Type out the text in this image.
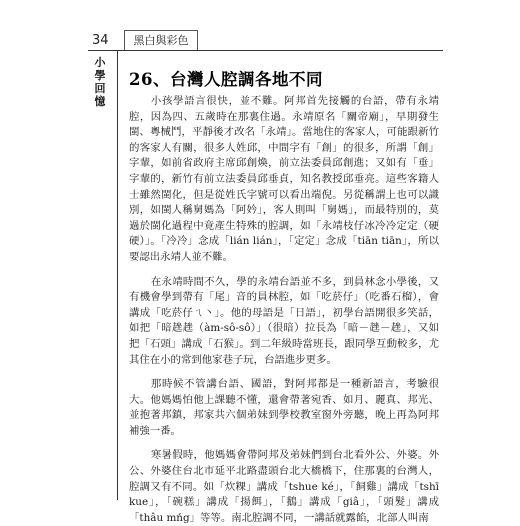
34	黑白與彩色
小學回憶
26、台灣人腔調各地不同

小孩學語言很快，並不難。阿邦首先接觸的台語，帶有永靖腔，因為四、五歲時在那裏住過。永靖原名「關帝廟」，早期發生閩、粵械鬥，平靜後才改名「永靖」。當地住的客家人，可能跟新竹的客家人有關，很多人姓邱，中間字有「創」的很多，所謂「創」字輩，如前省政府主席邱創煥，前立法委員邱創進；又如有「垂」字輩的，新竹有前立法委員邱垂貞，知名教授邱垂亮。這些客籍人士雖然閩化，但是從姓氏字號可以看出端倪。另從稱謂上也可以識別，如閩人稱舅媽為「阿妗」，客人則叫「舅媽」，而最特別的，莫過於閩化過程中竟產生特殊的腔調，如「永靖枝仔冰冷冷定定（硬硬）」。「冷冷」念成「lián lián」，「定定」念成「tiān tiān」，所以要認出永靖人並不難。

在永靖時間不久，學的永靖台語並不多，到員林念小學後，又有機會學到帶有「尾」音的員林腔，如「吃菸仔」（吃番石榴），會講成「吃菸仔ㄟ丶」。他的母語是「日語」，初學台語開很多笑話，如把「暗趖趖（àm-sô-sô）」（很暗）拉長為「暗－趖－趖」，又如把「石頭」講成「石猴」。到二年級時當班長，跟同學互動較多，尤其住在小的常到他家巷子玩，台語進步更多。

那時候不管講台語、國語，對阿邦都是一種新語言，考驗很大。他媽媽怕他上課聽不懂，還會帶著宛香、如月、麗真、邦光、並抱著邦鎮，邦家共六個弟妹到學校教室窗外旁聽，晚上再為阿邦補強一番。

寒暑假時，他媽媽會帶阿邦及弟妹們到台北看外公、外婆。外公、外婆住台北市延平北路盡頭台北大橋橋下，住那裏的台灣人，腔調又有不同。如「炊粿」講成「tshue ké」，「飼雞」講成「tshī kue」，「碗糕」講成「揚餌」，「鵝」講成「giâ」，「頭髮」講成「thâu mńg」等等。南北腔調不同，一講話就露餡，北部人叫南
